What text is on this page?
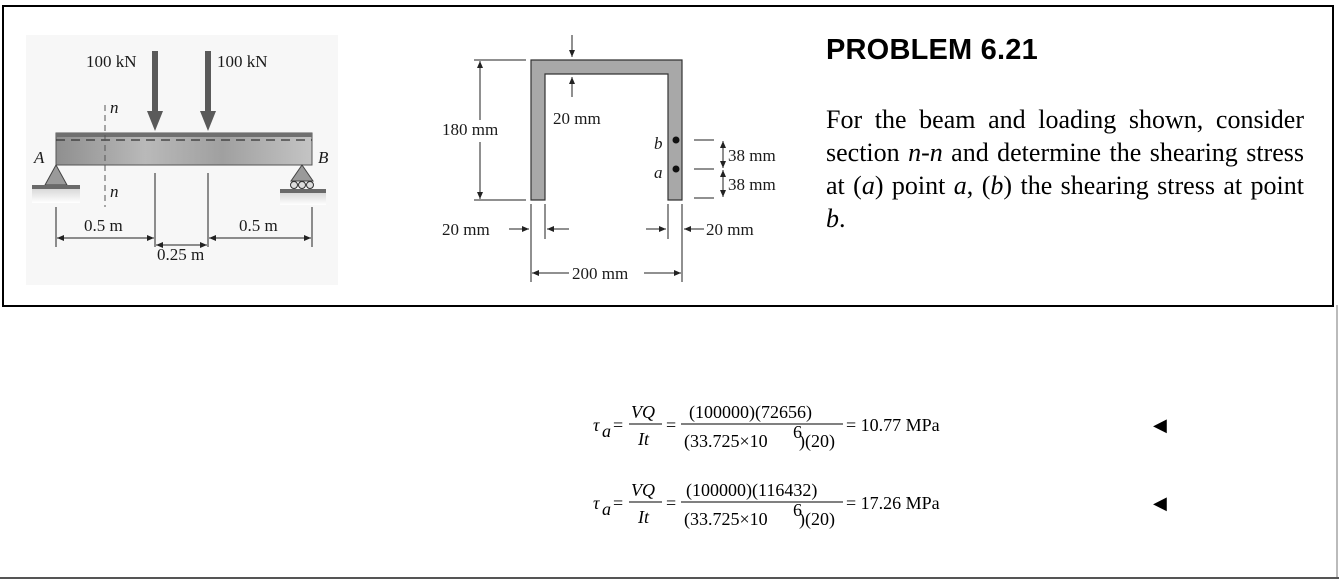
n
n
100 kN	100 kN
A	B
0.5 m
0.25 m
0.5 m
b
a
180 mm
20 mm
38 mm
38 mm
20 mm	20 mm
200 mm
PROBLEM 6.21

For the beam and loading shown, consider section n-n and determine the shearing stress at (a) point a, (b) the shearing stress at point b.

τ a =
VQ
It
=
(100000)(72656)
(33.725×10 6
)(20)
= 10.77 MPa	◀
τ a =
VQ
It
=
(100000)(116432)
(33.725×10 6
)(20)
= 17.26 MPa	◀
